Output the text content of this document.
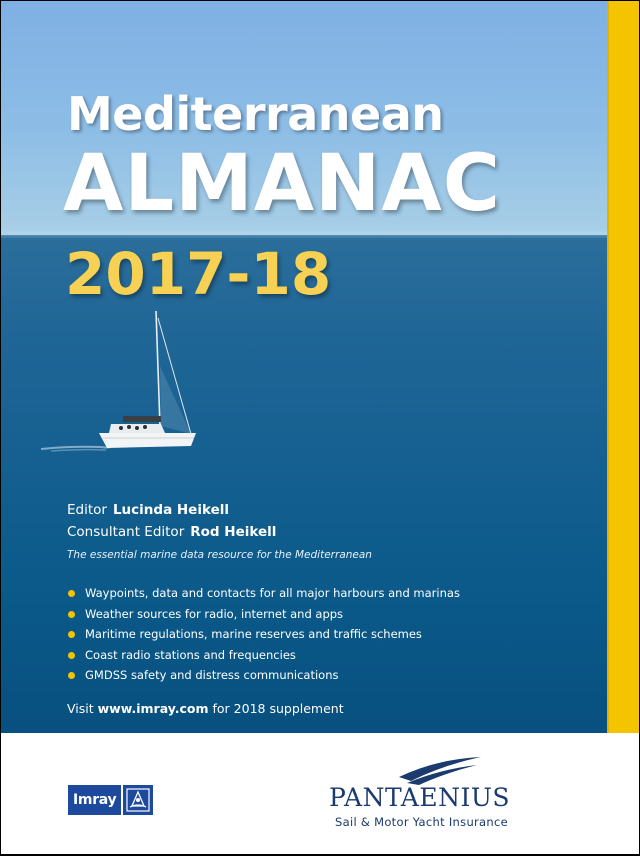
Mediterranean
ALMANAC
2017-18
Editor Lucinda Heikell
Consultant Editor Rod Heikell
The essential marine data resource for the Mediterranean
Waypoints, data and contacts for all major harbours and marinas
Weather sources for radio, internet and apps
Maritime regulations, marine reserves and traffic schemes
Coast radio stations and frequencies
GMDSS safety and distress communications
Visit www.imray.com for 2018 supplement
Imray	PANTAENIUS
Sail & Motor Yacht Insurance
